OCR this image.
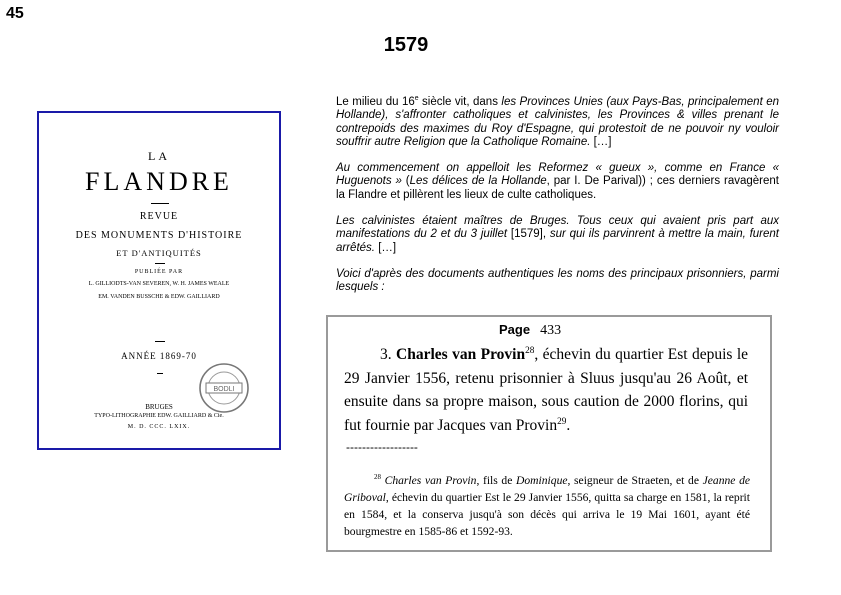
45
1579
LA
FLANDRE
REVUE
DES MONUMENTS D'HISTOIRE
ET D'ANTIQUITÉS
PUBLIÉE PAR
L. GILLIODTS-VAN SEVEREN, W. H. JAMES WEALE
EM. VANDEN BUSSCHE & EDW. GAILLIARD
ANNÉE 1869-70
BODLI
BRUGES
TYPO-LITHOGRAPHIE EDW. GAILLIARD & Cie.
M. D. CCC. LXIX.

Le milieu du 16e siècle vit, dans les Provinces Unies (aux Pays-Bas, principalement en Hollande), s'affronter catholiques et calvinistes, les Provinces & villes prenant le contrepoids des maximes du Roy d'Espagne, qui protestoit de ne pouvoir ny vouloir souffrir autre Religion que la Catholique Romaine. […]

Au commencement on appelloit les Reformez « gueux », comme en France « Huguenots » (Les délices de la Hollande, par I. De Parival)) ; ces derniers ravagèrent la Flandre et pillèrent les lieux de culte catholiques.

Les calvinistes étaient maîtres de Bruges. Tous ceux qui avaient pris part aux manifestations du 2 et du 3 juillet [1579], sur qui ils parvinrent à mettre la main, furent arrêtés. […]

Voici d'après des documents authentiques les noms des principaux prisonniers, parmi lesquels :

Page 433
3. Charles van Provin$^{28}$, échevin du quartier Est depuis le 29 Janvier 1556, retenu prisonnier à Sluus jusqu'au 26 Août, et ensuite dans sa propre maison, sous caution de 2000 florins, qui fut fournie par Jacques van Provin$^{29}$.
------------------
$^{28}$ Charles van Provin, fils de Dominique, seigneur de Straeten, et de Jeanne de Griboval, échevin du quartier Est le 29 Janvier 1556, quitta sa charge en 1581, la reprit en 1584, et la conserva jusqu'à son décès qui arriva le 19 Mai 1601, ayant été bourgmestre en 1585-86 et 1592-93.
